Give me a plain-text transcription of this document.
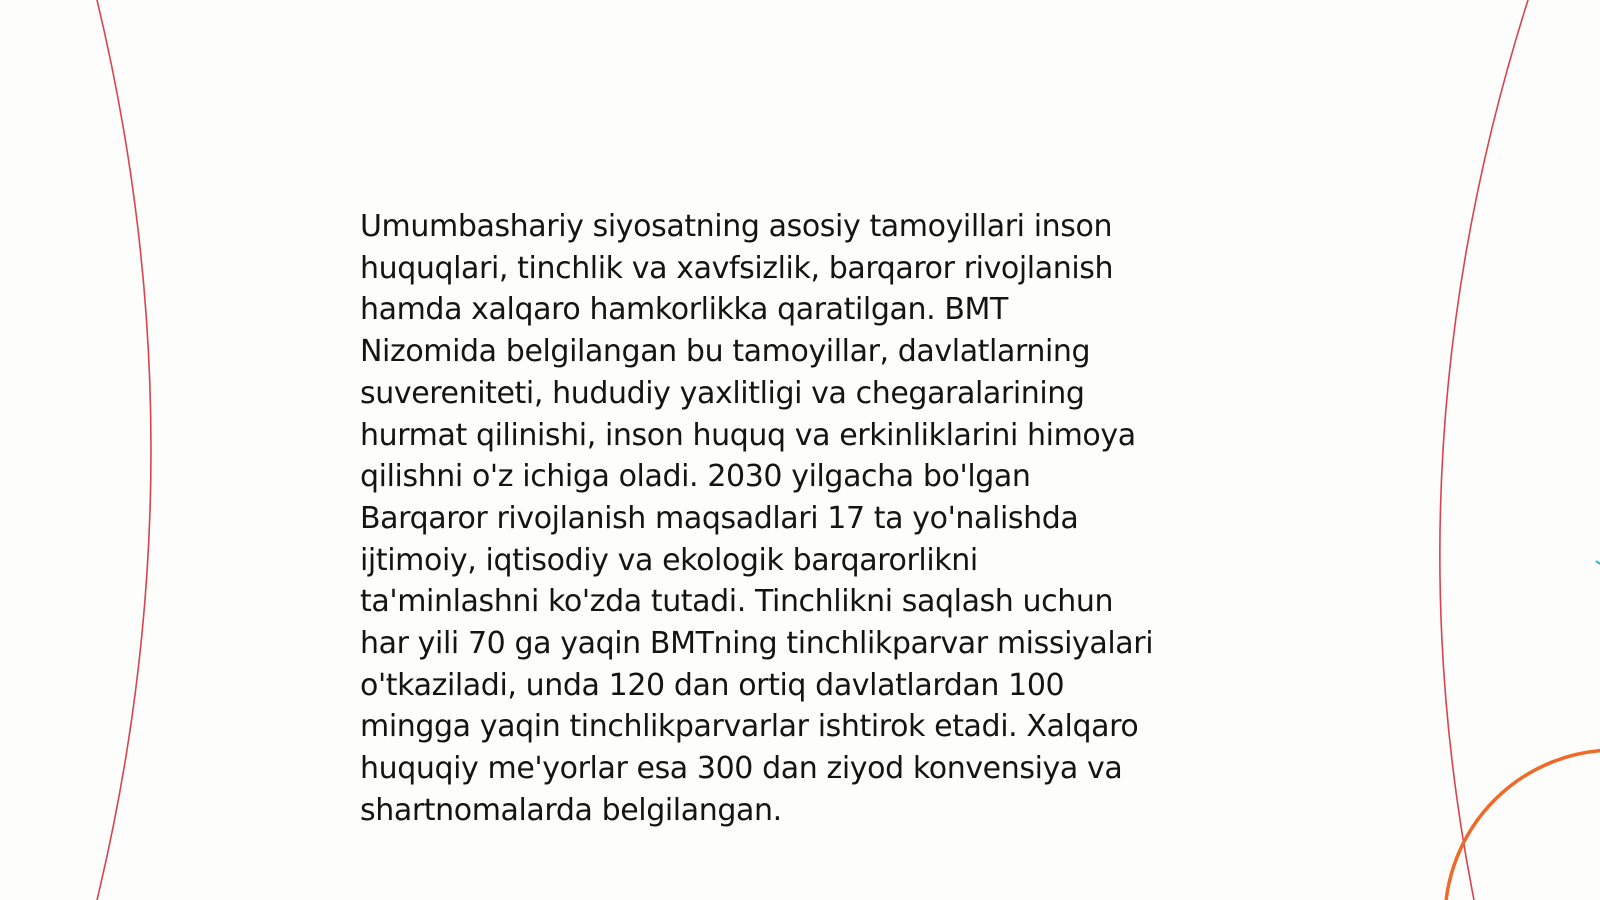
Umumbashariy siyosatning asosiy tamoyillari inson
huquqlari, tinchlik va xavfsizlik, barqaror rivojlanish
hamda xalqaro hamkorlikka qaratilgan. BMT
Nizomida belgilangan bu tamoyillar, davlatlarning
suvereniteti, hududiy yaxlitligi va chegaralarining
hurmat qilinishi, inson huquq va erkinliklarini himoya
qilishni o'z ichiga oladi. 2030 yilgacha bo'lgan
Barqaror rivojlanish maqsadlari 17 ta yo'nalishda
ijtimoiy, iqtisodiy va ekologik barqarorlikni
ta'minlashni ko'zda tutadi. Tinchlikni saqlash uchun
har yili 70 ga yaqin BMTning tinchlikparvar missiyalari
o'tkaziladi, unda 120 dan ortiq davlatlardan 100
mingga yaqin tinchlikparvarlar ishtirok etadi. Xalqaro
huquqiy me'yorlar esa 300 dan ziyod konvensiya va
shartnomalarda belgilangan.
